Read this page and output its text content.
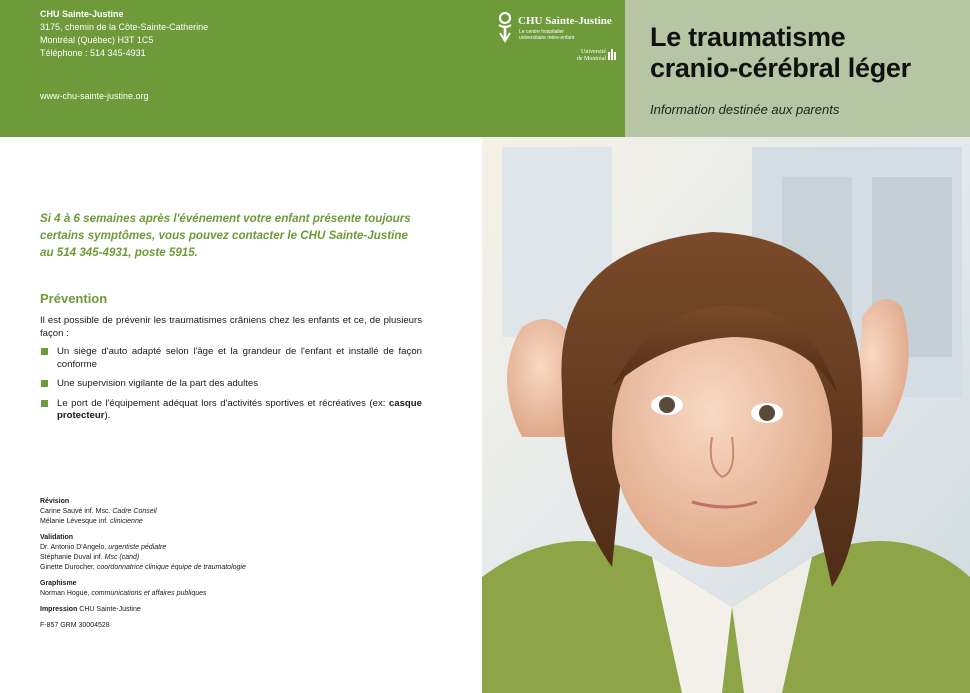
CHU Sainte-Justine
3175, chemin de la Côte-Sainte-Catherine
Montréal (Québec) H3T 1C5
Téléphone : 514 345-4931
www-chu-sainte-justine.org
CHU Sainte-Justine
Le centre hospitalier universitaire mère-enfant
Université
de Montréal
Le traumatisme
cranio-cérébral léger
Information destinée aux parents
Si 4 à 6 semaines après l'événement votre enfant présente toujours
certains symptômes, vous pouvez contacter le CHU Sainte-Justine
au 514 345-4931, poste 5915.
Prévention
Il est possible de prévenir les traumatismes crâniens chez les enfants et ce, de plusieurs façon :
Un siège d'auto adapté selon l'âge et la grandeur de l'enfant et installé de façon conforme
Une supervision vigilante de la part des adultes
Le port de l'équipement adéquat lors d'activités sportives et récréatives (ex: casque protecteur).
Révision
Carine Sauvé inf. Msc. Cadre Conseil
Mélanie Lévesque inf. clinicienne
Validation
Dr. Antonio D'Angelo, urgentiste pédiatre
Stéphanie Duval inf. Msc (cand)
Ginette Durocher, coordonnatrice clinique équipe de traumatologie
Graphisme
Norman Hogue, communications et affaires publiques
Impression CHU Sainte-Justine
F-857 GRM 30004528
